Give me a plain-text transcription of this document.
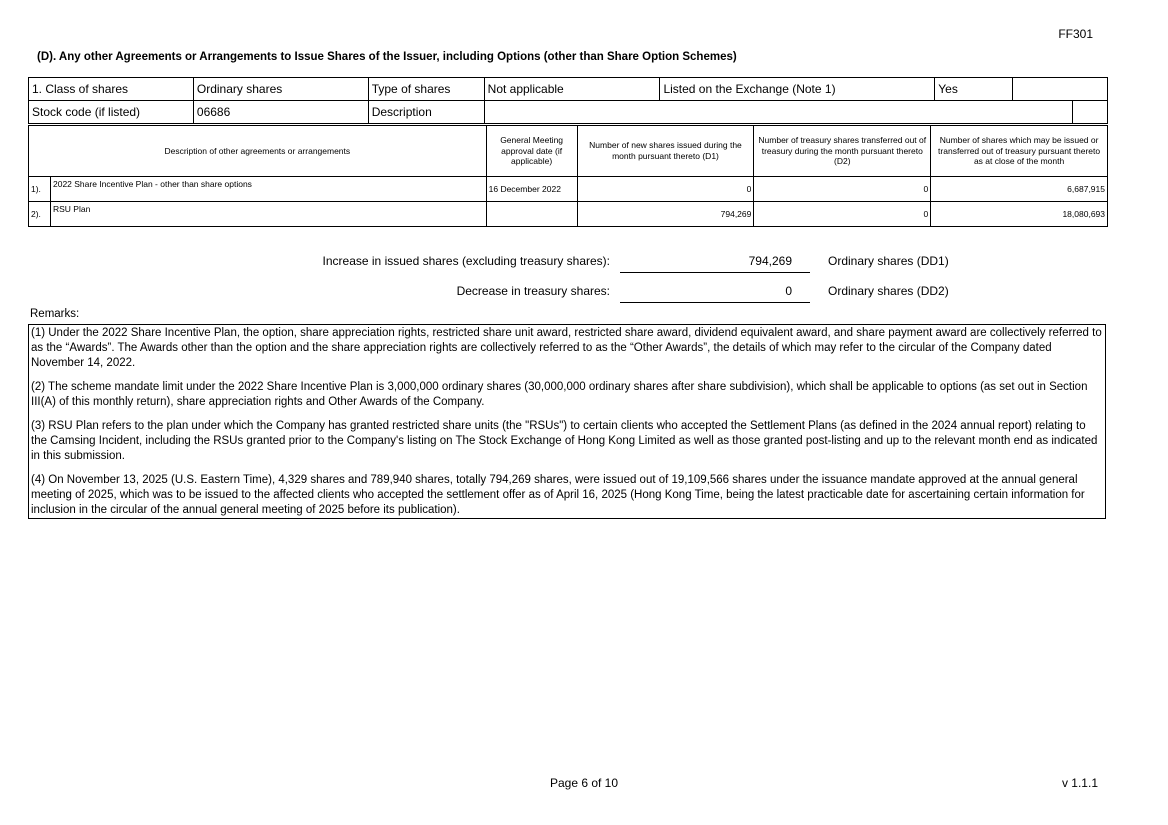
FF301
(D). Any other Agreements or Arrangements to Issue Shares of the Issuer, including Options (other than Share Option Schemes)
1. Class of shares	Ordinary shares	Type of shares	Not applicable	Listed on the Exchange (Note 1)	Yes		
Stock code (if listed)	06686	Description					
Description of other agreements or arrangements		General Meeting approval date (if applicable)	Number of new shares issued during the month pursuant thereto (D1)	Number of treasury shares transferred out of treasury during the month pursuant thereto (D2)	Number of shares which may be issued or transferred out of treasury pursuant thereto as at close of the month
1).	2022 Share Incentive Plan - other than share options	16 December 2022	0	0	6,687,915
2).	RSU Plan		794,269	0	18,080,693
Increase in issued shares (excluding treasury shares):	794,269	Ordinary shares (DD1)
Decrease in treasury shares:	0	Ordinary shares (DD2)
Remarks:

(1) Under the 2022 Share Incentive Plan, the option, share appreciation rights, restricted share unit award, restricted share award, dividend equivalent award, and share payment award are collectively referred to as the “Awards”. The Awards other than the option and the share appreciation rights are collectively referred to as the “Other Awards”, the details of which may refer to the circular of the Company dated November 14, 2022.

(2) The scheme mandate limit under the 2022 Share Incentive Plan is 3,000,000 ordinary shares (30,000,000 ordinary shares after share subdivision), which shall be applicable to options (as set out in Section III(A) of this monthly return), share appreciation rights and Other Awards of the Company.

(3) RSU Plan refers to the plan under which the Company has granted restricted share units (the "RSUs") to certain clients who accepted the Settlement Plans (as defined in the 2024 annual report) relating to the Camsing Incident, including the RSUs granted prior to the Company's listing on The Stock Exchange of Hong Kong Limited as well as those granted post-listing and up to the relevant month end as indicated in this submission.

(4) On November 13, 2025 (U.S. Eastern Time), 4,329 shares and 789,940 shares, totally 794,269 shares, were issued out of 19,109,566 shares under the issuance mandate approved at the annual general meeting of 2025, which was to be issued to the affected clients who accepted the settlement offer as of April 16, 2025 (Hong Kong Time, being the latest practicable date for ascertaining certain information for inclusion in the circular of the annual general meeting of 2025 before its publication).

Page 6 of 10	v 1.1.1
